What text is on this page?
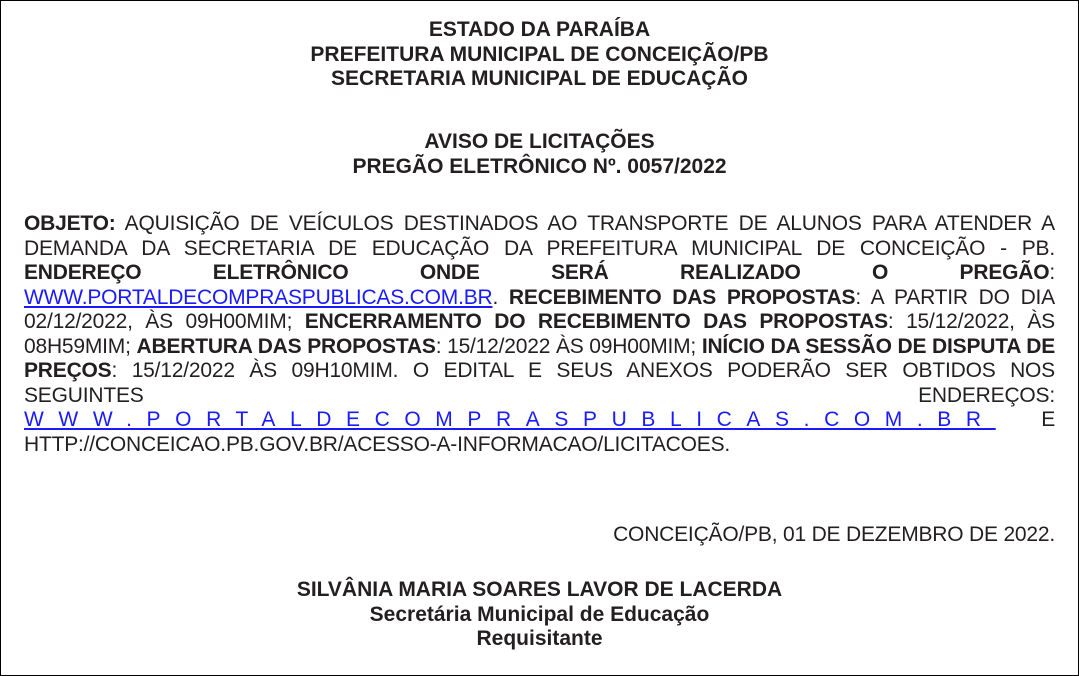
ESTADO DA PARAÍBA
PREFEITURA MUNICIPAL DE CONCEIÇÃO/PB
SECRETARIA MUNICIPAL DE EDUCAÇÃO
AVISO DE LICITAÇÕES
PREGÃO ELETRÔNICO Nº. 0057/2022

OBJETO: AQUISIÇÃO DE VEÍCULOS DESTINADOS AO TRANSPORTE DE ALUNOS PARA ATENDER A DEMANDA DA SECRETARIA DE EDUCAÇÃO DA PREFEITURA MUNICIPAL DE CONCEIÇÃO - PB. ENDEREÇO ELETRÔNICO ONDE SERÁ REALIZADO O PREGÃO: WWW.PORTALDECOMPRASPUBLICAS.COM.BR. RECEBIMENTO DAS PROPOSTAS: A PARTIR DO DIA 02/12/2022, ÀS 09H00MIM; ENCERRAMENTO DO RECEBIMENTO DAS PROPOSTAS: 15/12/2022, ÀS 08H59MIM; ABERTURA DAS PROPOSTAS: 15/12/2022 ÀS 09H00MIM; INÍCIO DA SESSÃO DE DISPUTA DE PREÇOS: 15/12/2022 ÀS 09H10MIM. O EDITAL E SEUS ANEXOS PODERÃO SER OBTIDOS NOS SEGUINTES ENDEREÇOS: WWW.PORTALDECOMPRASPUBLICAS.COM.BR E HTTP://CONCEICAO.PB.GOV.BR/ACESSO-A-INFORMACAO/LICITACOES.

CONCEIÇÃO/PB, 01 DE DEZEMBRO DE 2022.
SILVÂNIA MARIA SOARES LAVOR DE LACERDA
Secretária Municipal de Educação
Requisitante
